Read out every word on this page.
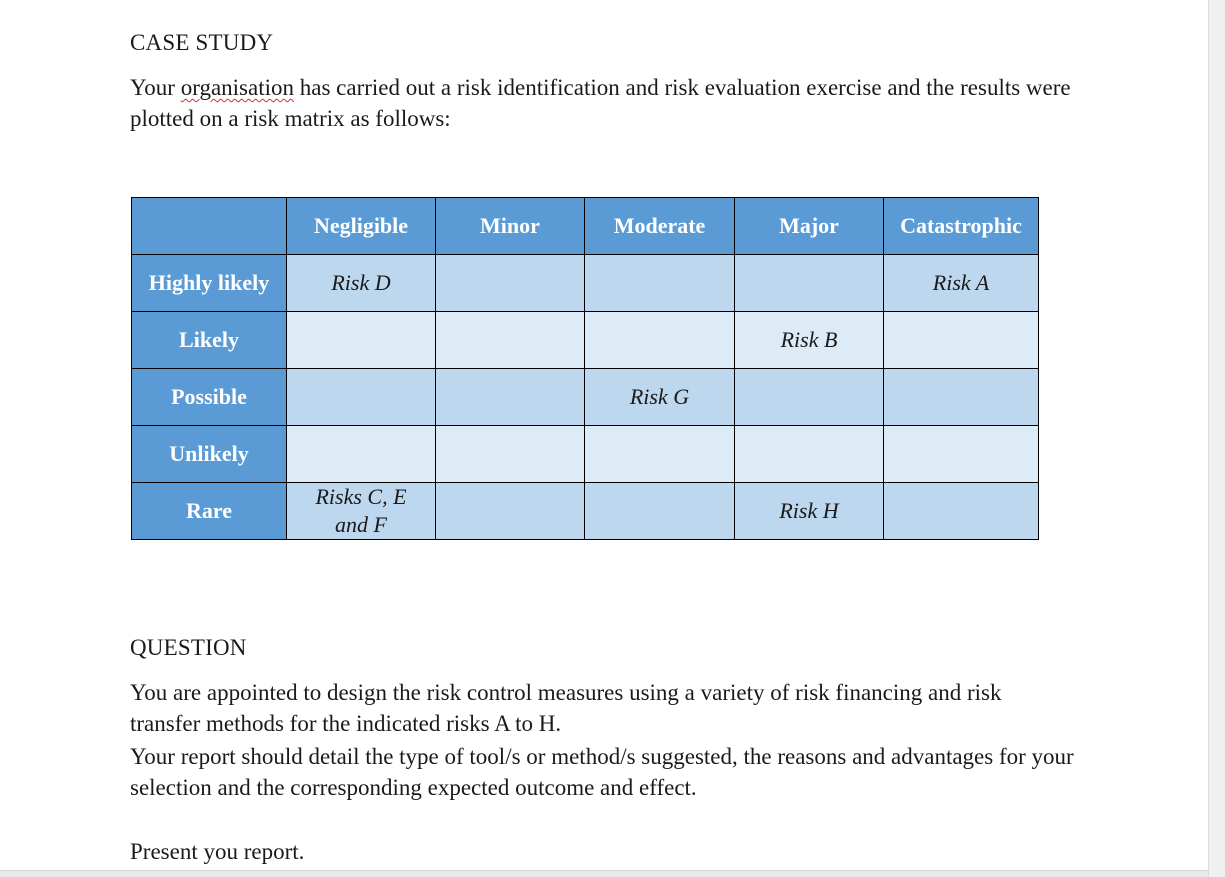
CASE STUDY
Your organisation has carried out a risk identification and risk evaluation exercise and the results were plotted on a risk matrix as follows:
	Negligible	Minor	Moderate	Major	Catastrophic
Highly likely	Risk D				Risk A
Likely				Risk B	
Possible			Risk G		
Unlikely					
Rare	Risks C, E and F			Risk H	
QUESTION
You are appointed to design the risk control measures using a variety of risk financing and risk transfer methods for the indicated risks A to H.
Your report should detail the type of tool/s or method/s suggested, the reasons and advantages for your selection and the corresponding expected outcome and effect.
Present you report.
